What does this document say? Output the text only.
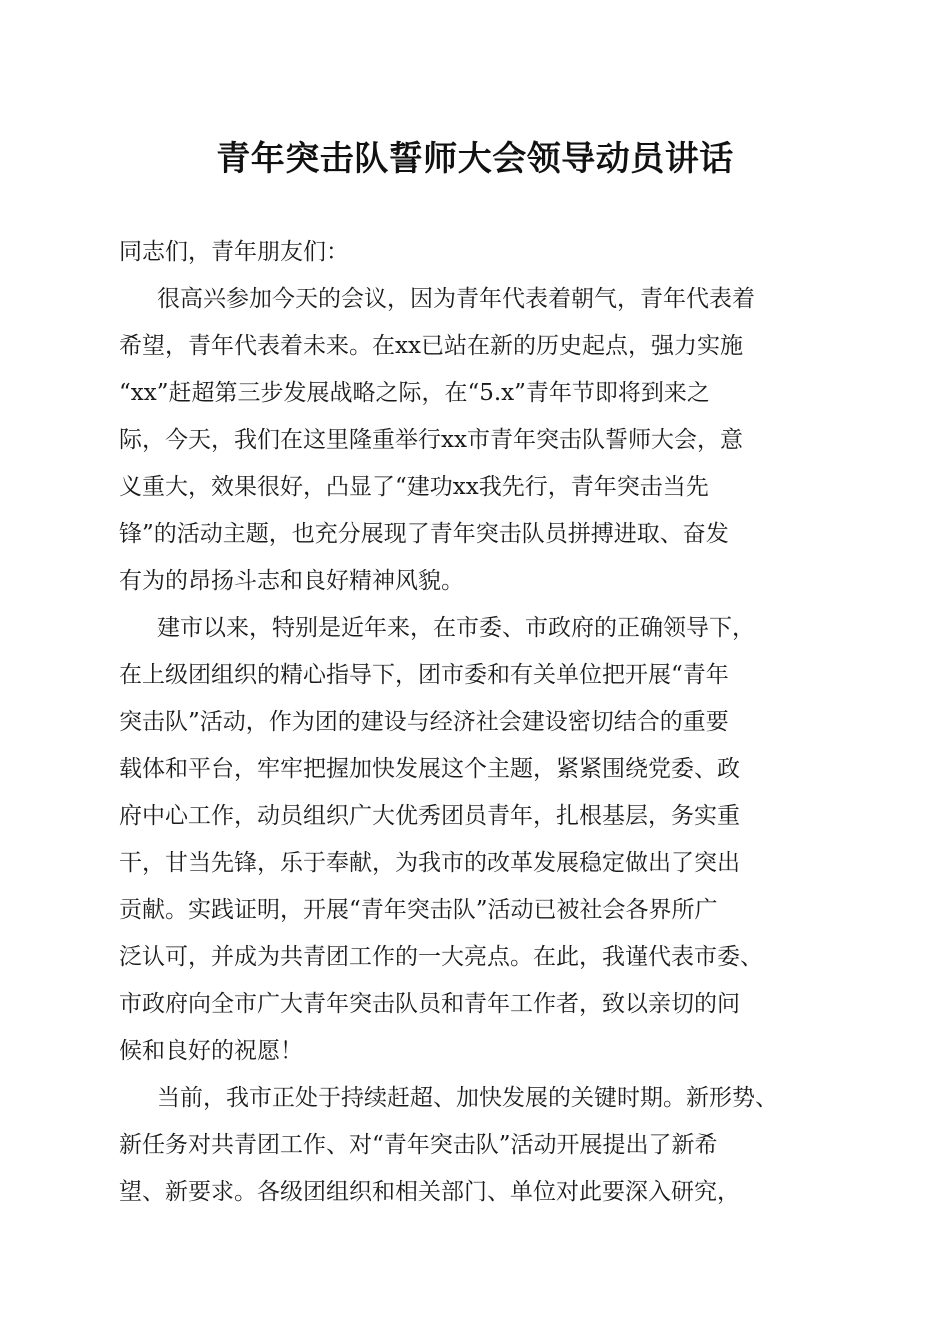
青年突击队誓师大会领导动员讲话

同志们，青年朋友们：

很高兴参加今天的会议，因为青年代表着朝气，青年代表着
希望，青年代表着未来。在xx已站在新的历史起点，强力实施
“xx”赶超第三步发展战略之际，在“5.x”青年节即将到来之
际，今天，我们在这里隆重举行xx市青年突击队誓师大会，意
义重大，效果很好，凸显了“建功xx我先行，青年突击当先
锋”的活动主题，也充分展现了青年突击队员拼搏进取、奋发
有为的昂扬斗志和良好精神风貌。

建市以来，特别是近年来，在市委、市政府的正确领导下，
在上级团组织的精心指导下，团市委和有关单位把开展“青年
突击队”活动，作为团的建设与经济社会建设密切结合的重要
载体和平台，牢牢把握加快发展这个主题，紧紧围绕党委、政
府中心工作，动员组织广大优秀团员青年，扎根基层，务实重
干，甘当先锋，乐于奉献，为我市的改革发展稳定做出了突出
贡献。实践证明，开展“青年突击队”活动已被社会各界所广
泛认可，并成为共青团工作的一大亮点。在此，我谨代表市委、
市政府向全市广大青年突击队员和青年工作者，致以亲切的问
候和良好的祝愿！

当前，我市正处于持续赶超、加快发展的关键时期。新形势、
新任务对共青团工作、对“青年突击队”活动开展提出了新希
望、新要求。各级团组织和相关部门、单位对此要深入研究，
